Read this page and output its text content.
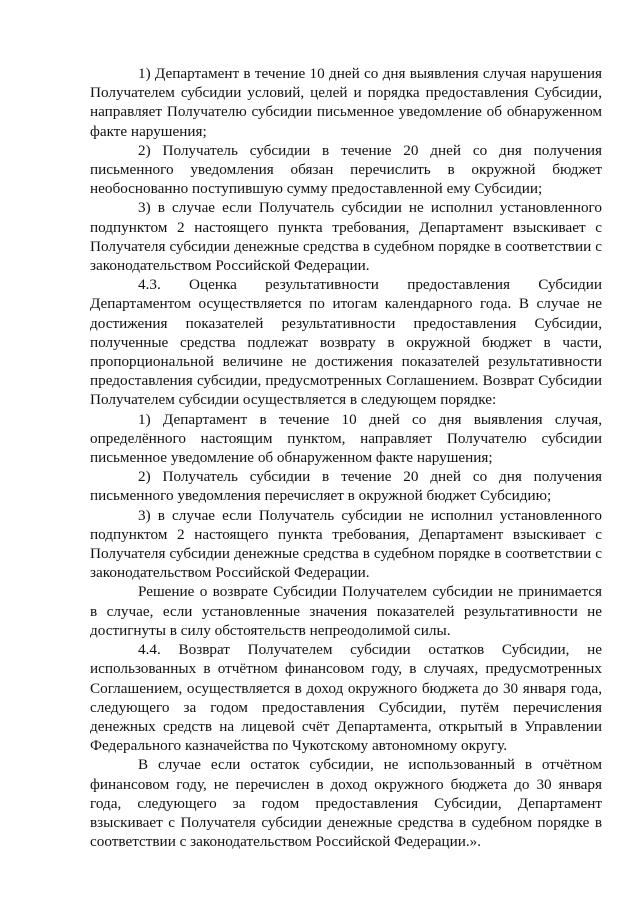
1) Департамент в течение 10 дней со дня выявления случая нарушения Получателем субсидии условий, целей и порядка предоставления Субсидии, направляет Получателю субсидии письменное уведомление об обнаруженном факте нарушения;

2) Получатель субсидии в течение 20 дней со дня получения письменного уведомления обязан перечислить в окружной бюджет необоснованно поступившую сумму предоставленной ему Субсидии;

3) в случае если Получатель субсидии не исполнил установленного подпунктом 2 настоящего пункта требования, Департамент взыскивает с Получателя субсидии денежные средства в судебном порядке в соответствии с законодательством Российской Федерации.

4.3. Оценка результативности предоставления Субсидии Департаментом осуществляется по итогам календарного года. В случае не достижения показателей результативности предоставления Субсидии, полученные средства подлежат возврату в окружной бюджет в части, пропорциональной величине не достижения показателей результативности предоставления субсидии, предусмотренных Соглашением. Возврат Субсидии Получателем субсидии осуществляется в следующем порядке:

1) Департамент в течение 10 дней со дня выявления случая, определённого настоящим пунктом, направляет Получателю субсидии письменное уведомление об обнаруженном факте нарушения;

2) Получатель субсидии в течение 20 дней со дня получения письменного уведомления перечисляет в окружной бюджет Субсидию;

3) в случае если Получатель субсидии не исполнил установленного подпунктом 2 настоящего пункта требования, Департамент взыскивает с Получателя субсидии денежные средства в судебном порядке в соответствии с законодательством Российской Федерации.

Решение о возврате Субсидии Получателем субсидии не принимается в случае, если установленные значения показателей результативности не достигнуты в силу обстоятельств непреодолимой силы.

4.4. Возврат Получателем субсидии остатков Субсидии, не использованных в отчётном финансовом году, в случаях, предусмотренных Соглашением, осуществляется в доход окружного бюджета до 30 января года, следующего за годом предоставления Субсидии, путём перечисления денежных средств на лицевой счёт Департамента, открытый в Управлении Федерального казначейства по Чукотскому автономному округу.

В случае если остаток субсидии, не использованный в отчётном финансовом году, не перечислен в доход окружного бюджета до 30 января года, следующего за годом предоставления Субсидии, Департамент взыскивает с Получателя субсидии денежные средства в судебном порядке в соответствии с законодательством Российской Федерации.».
